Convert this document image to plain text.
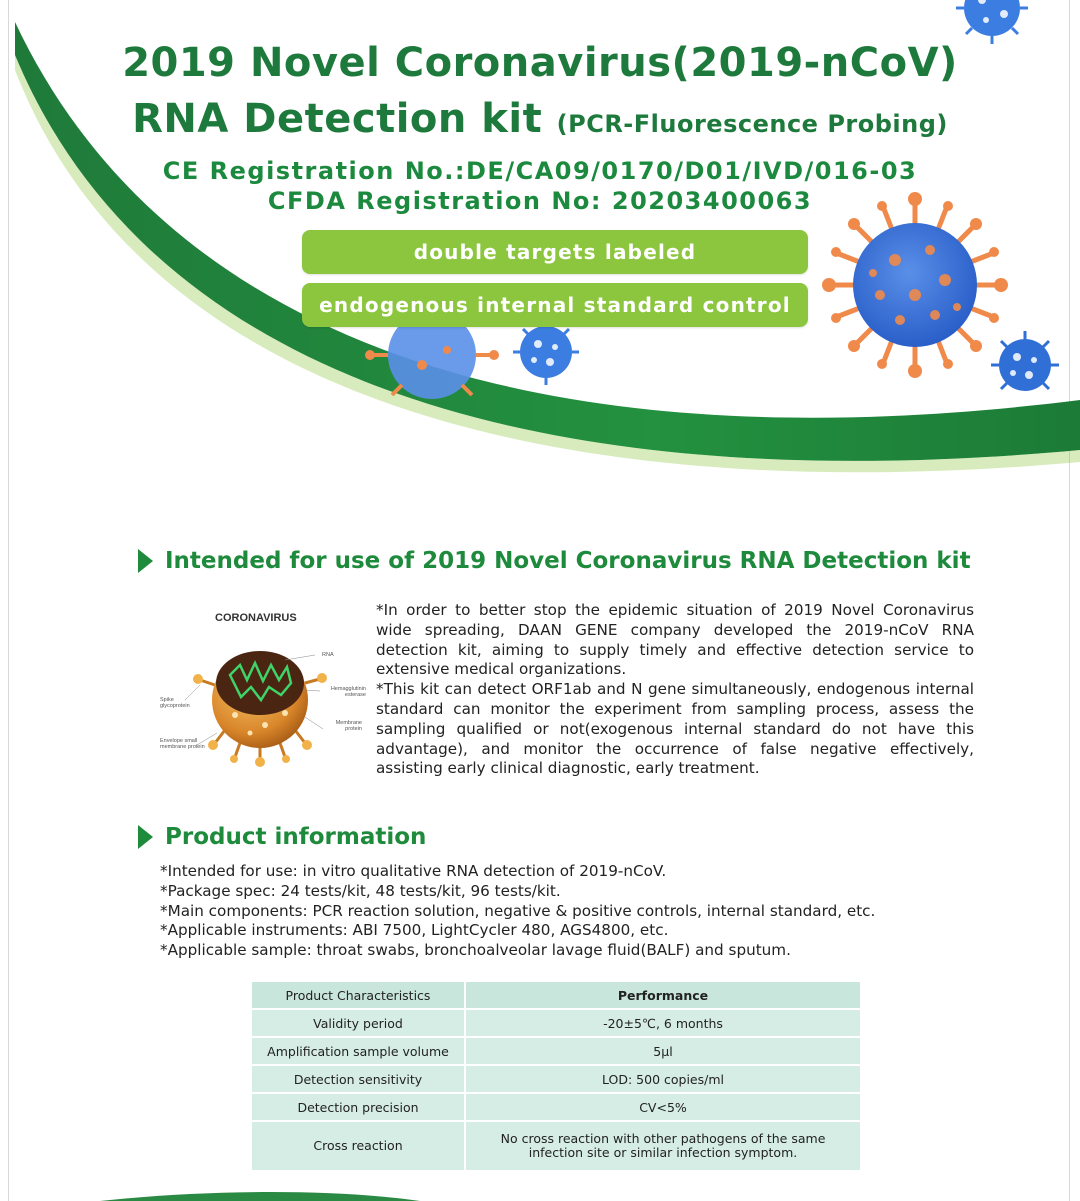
2019 Novel Coronavirus(2019-nCoV)
RNA Detection kit (PCR-Fluorescence Probing)
CE Registration No.:DE/CA09/0170/D01/IVD/016-03
CFDA Registration No: 20203400063
double targets labeled
endogenous internal standard control
Intended for use of 2019 Novel Coronavirus RNA Detection kit
CORONAVIRUS
RNA
Hemagglutinin esterase
Membrane protein
Spike glycoprotein
Envelope small membrane protein

*In order to better stop the epidemic situation of 2019 Novel Coronavirus wide spreading, DAAN GENE company developed the 2019-nCoV RNA detection kit, aiming to supply timely and effective detection service to extensive medical organizations.

*This kit can detect ORF1ab and N gene simultaneously, endogenous internal standard can monitor the experiment from sampling process, assess the sampling qualified or not(exogenous internal standard do not have this advantage), and monitor the occurrence of false negative effectively, assisting early clinical diagnostic, early treatment.

Product information
*Intended for use: in vitro qualitative RNA detection of 2019-nCoV.
*Package spec: 24 tests/kit, 48 tests/kit, 96 tests/kit.
*Main components: PCR reaction solution, negative & positive controls, internal standard, etc.
*Applicable instruments: ABI 7500, LightCycler 480, AGS4800, etc.
*Applicable sample: throat swabs, bronchoalveolar lavage fluid(BALF) and sputum.
Product Characteristics	Performance
Validity period	-20±5℃, 6 months
Amplification sample volume	5μl
Detection sensitivity	LOD: 500 copies/ml
Detection precision	CV<5%
Cross reaction	No cross reaction with other pathogens of the same infection site or similar infection symptom.
